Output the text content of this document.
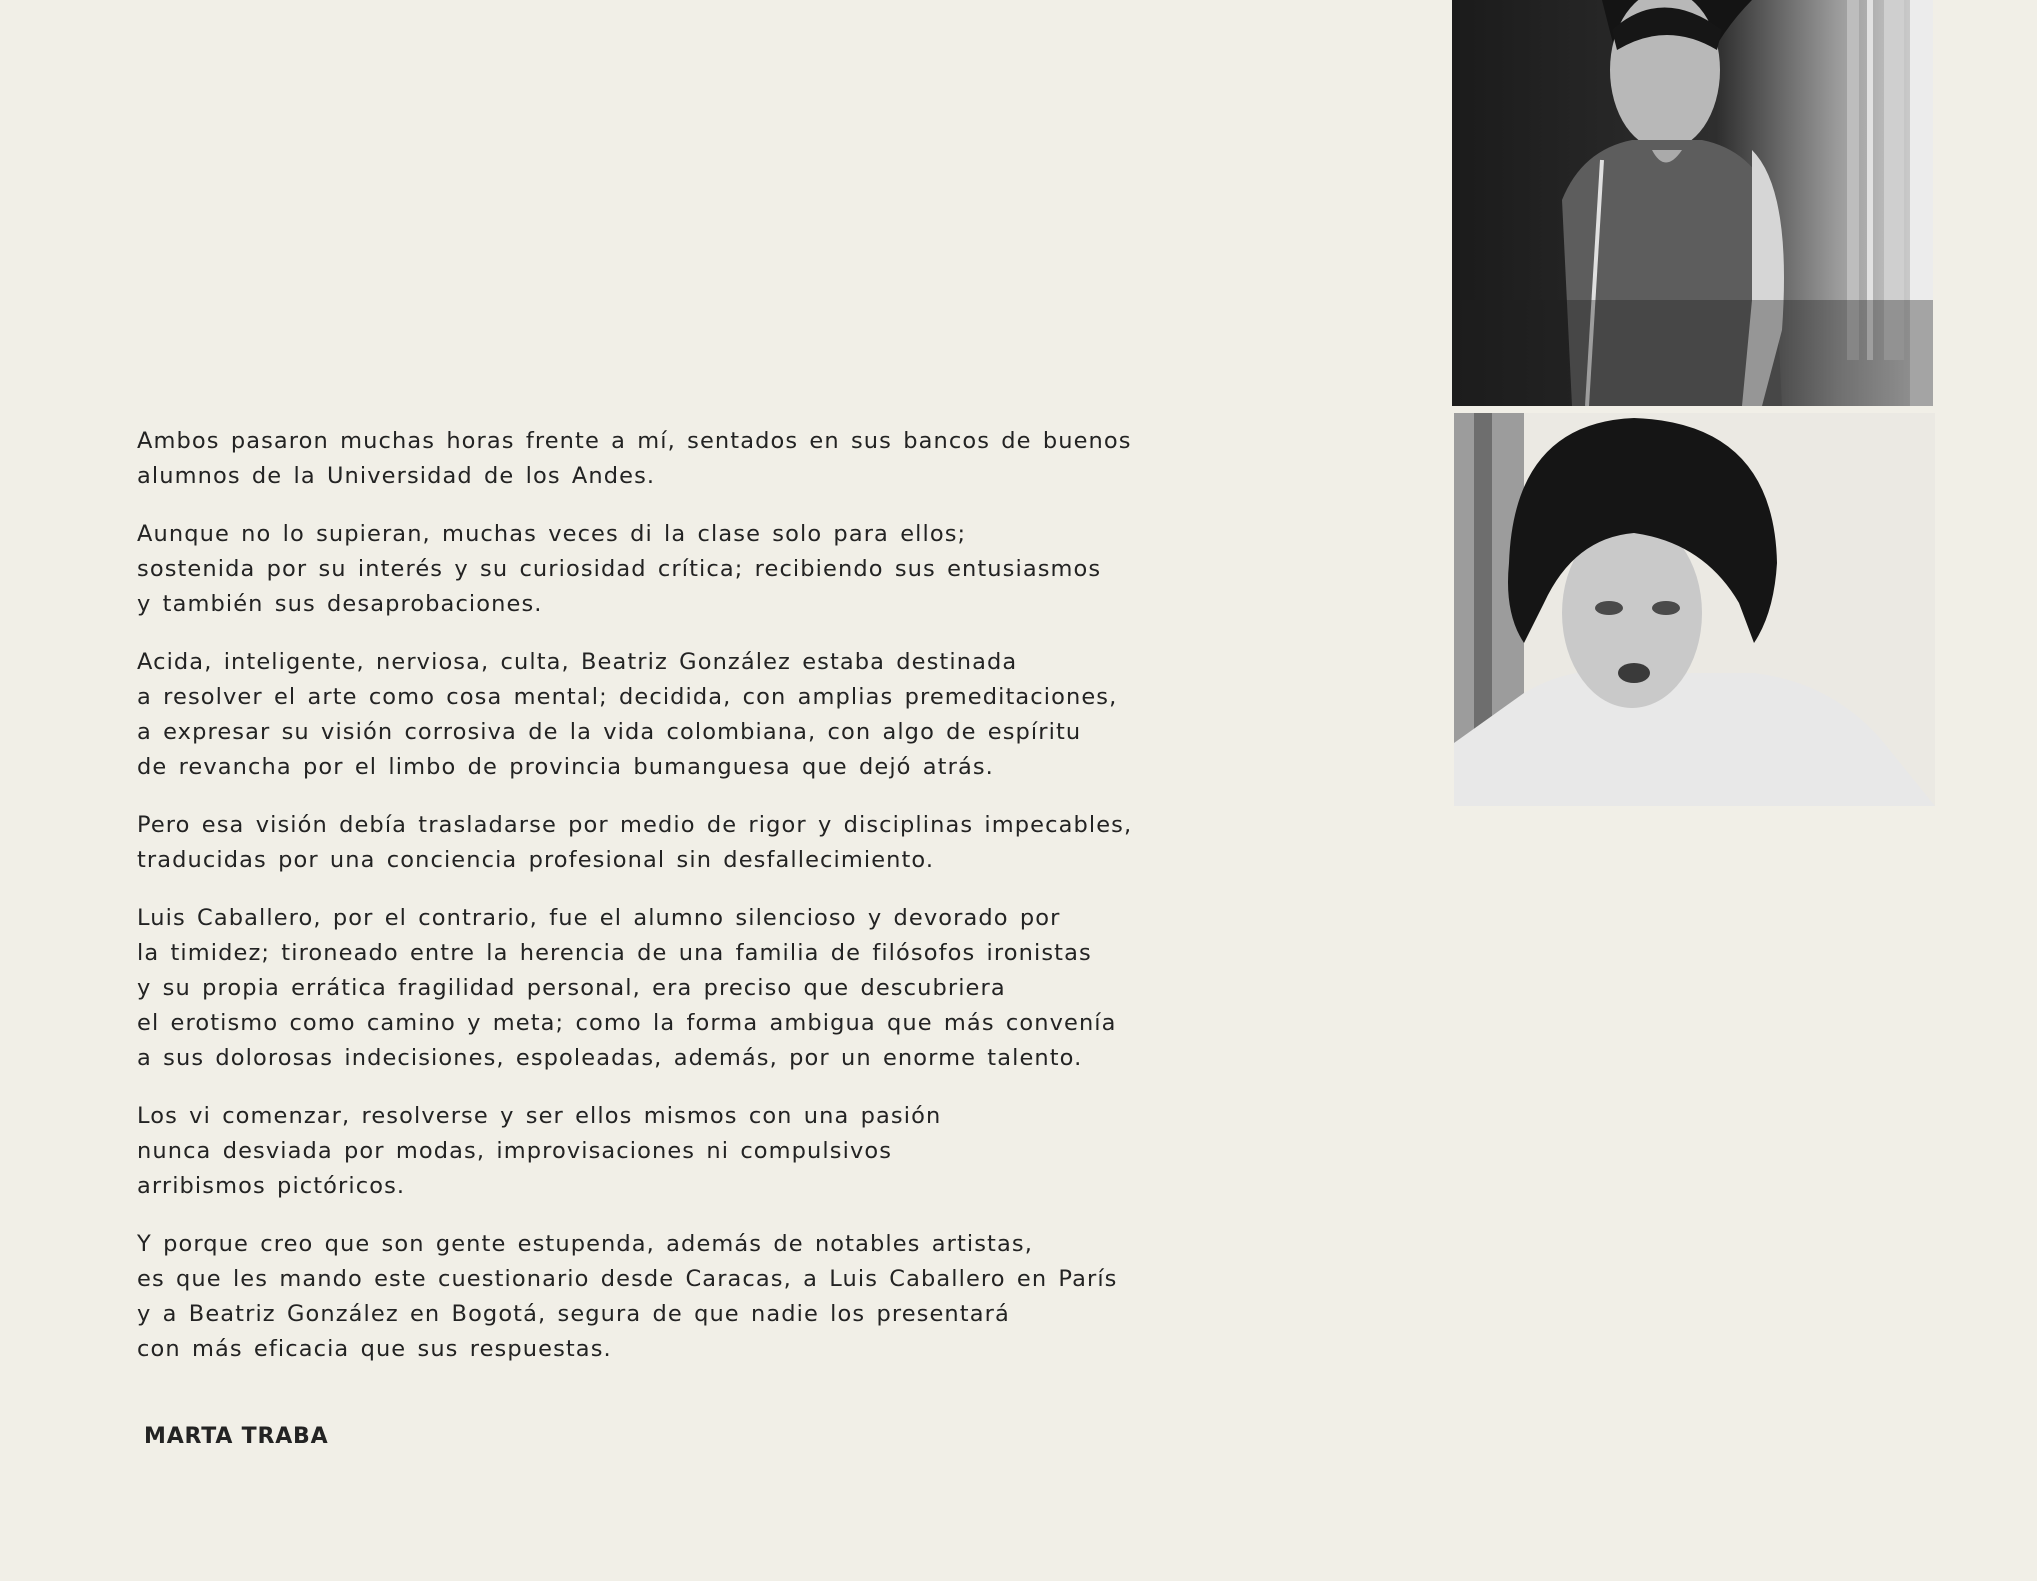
Ambos pasaron muchas horas frente a mí, sentados en sus bancos de buenos
alumnos de la Universidad de los Andes.

Aunque no lo supieran, muchas veces di la clase solo para ellos;
sostenida por su interés y su curiosidad crítica; recibiendo sus entusiasmos
y también sus desaprobaciones.

Acida, inteligente, nerviosa, culta, Beatriz González estaba destinada
a resolver el arte como cosa mental; decidida, con amplias premeditaciones,
a expresar su visión corrosiva de la vida colombiana, con algo de espíritu
de revancha por el limbo de provincia bumanguesa que dejó atrás.

Pero esa visión debía trasladarse por medio de rigor y disciplinas impecables,
traducidas por una conciencia profesional sin desfallecimiento.

Luis Caballero, por el contrario, fue el alumno silencioso y devorado por
la timidez; tironeado entre la herencia de una familia de filósofos ironistas
y su propia errática fragilidad personal, era preciso que descubriera
el erotismo como camino y meta; como la forma ambigua que más convenía
a sus dolorosas indecisiones, espoleadas, además, por un enorme talento.

Los vi comenzar, resolverse y ser ellos mismos con una pasión
nunca desviada por modas, improvisaciones ni compulsivos
arribismos pictóricos.

Y porque creo que son gente estupenda, además de notables artistas,
es que les mando este cuestionario desde Caracas, a Luis Caballero en París
y a Beatriz González en Bogotá, segura de que nadie los presentará
con más eficacia que sus respuestas.

MARTA TRABA
